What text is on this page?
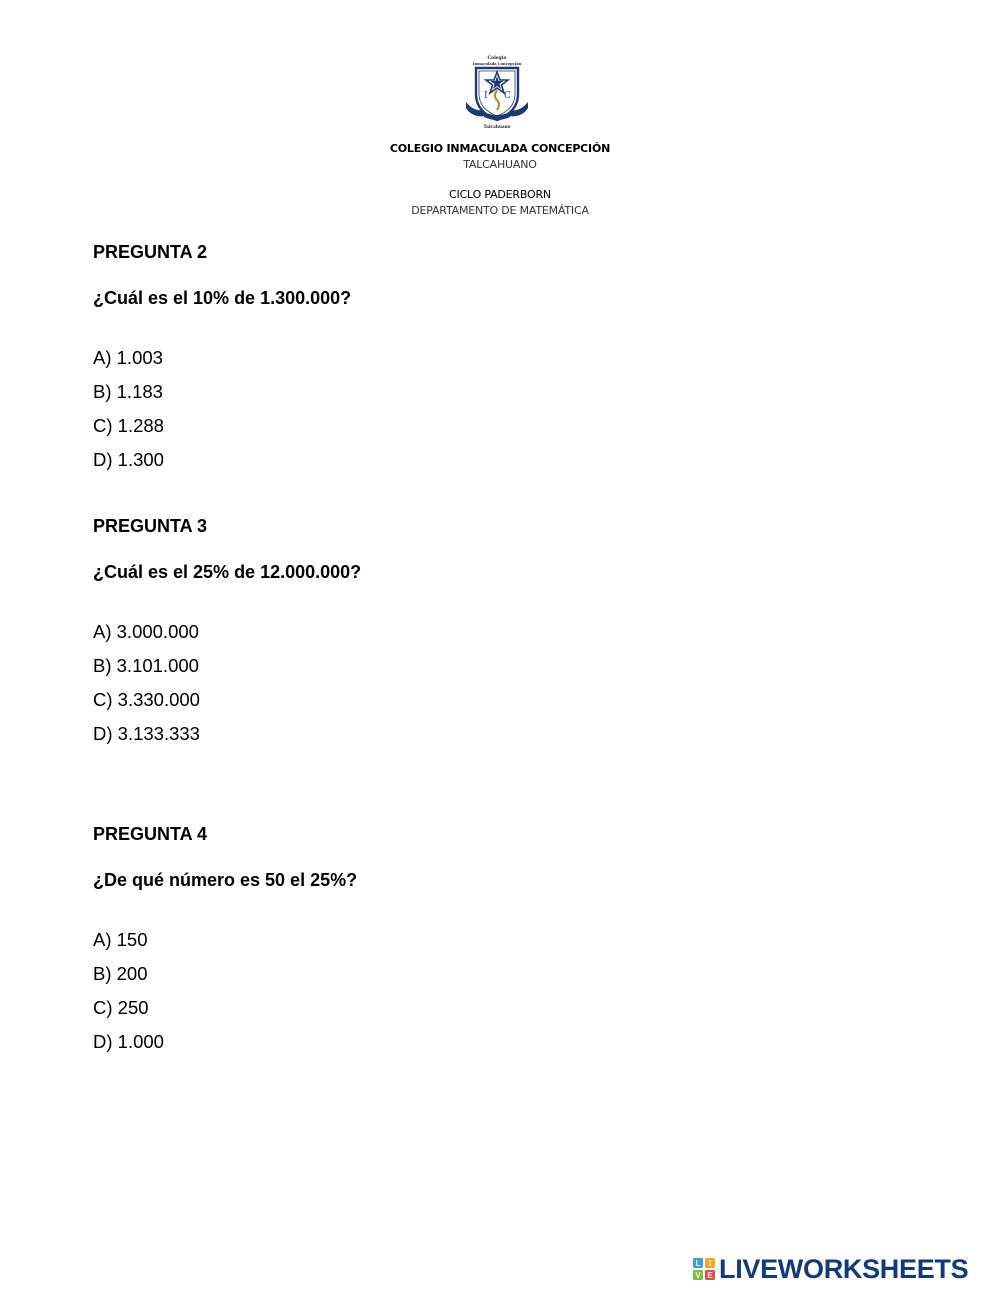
Colegio
Inmaculada Concepción
I C
Talcahuano
COLEGIO INMACULADA CONCEPCIÓN
TALCAHUANO
CICLO PADERBORN
DEPARTAMENTO DE MATEMÁTICA
PREGUNTA 2
¿Cuál es el 10% de 1.300.000?
A) 1.003
B) 1.183
C) 1.288
D) 1.300
PREGUNTA 3
¿Cuál es el 25% de 12.000.000?
A) 3.000.000
B) 3.101.000
C) 3.330.000
D) 3.133.333
PREGUNTA 4
¿De qué número es 50 el 25%?
A) 150
B) 200
C) 250
D) 1.000
L I
V E LIVEWORKSHEETS
